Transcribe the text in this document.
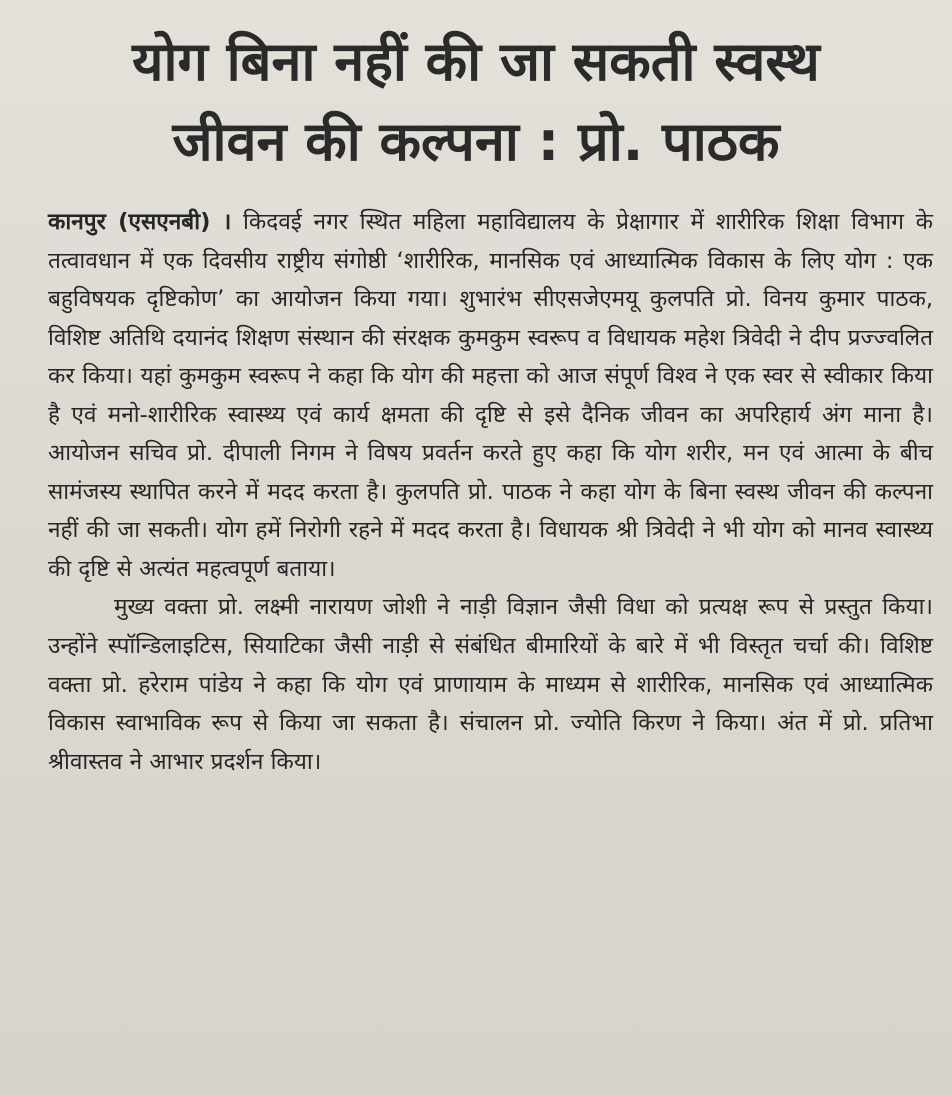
योग बिना नहीं की जा सकती स्वस्थ
जीवन की कल्पना : प्रो. पाठक

कानपुर (एसएनबी) । किदवई नगर स्थित महिला महाविद्यालय के प्रेक्षागार में शारीरिक शिक्षा विभाग के तत्वावधान में एक दिवसीय राष्ट्रीय संगोष्ठी ‘शारीरिक, मानसिक एवं आध्यात्मिक विकास के लिए योग : एक बहुविषयक दृष्टिकोण’ का आयोजन किया गया। शुभारंभ सीएसजेएमयू कुलपति प्रो. विनय कुमार पाठक, विशिष्ट अतिथि दयानंद शिक्षण संस्थान की संरक्षक कुमकुम स्वरूप व विधायक महेश त्रिवेदी ने दीप प्रज्ज्वलित कर किया। यहां कुमकुम स्वरूप ने कहा कि योग की महत्ता को आज संपूर्ण विश्व ने एक स्वर से स्वीकार किया है एवं मनो-शारीरिक स्वास्थ्य एवं कार्य क्षमता की दृष्टि से इसे दैनिक जीवन का अपरिहार्य अंग माना है। आयोजन सचिव प्रो. दीपाली निगम ने विषय प्रवर्तन करते हुए कहा कि योग शरीर, मन एवं आत्मा के बीच सामंजस्य स्थापित करने में मदद करता है। कुलपति प्रो. पाठक ने कहा योग के बिना स्वस्थ जीवन की कल्पना नहीं की जा सकती। योग हमें निरोगी रहने में मदद करता है। विधायक श्री त्रिवेदी ने भी योग को मानव स्वास्थ्य की दृष्टि से अत्यंत महत्वपूर्ण बताया।

मुख्य वक्ता प्रो. लक्ष्मी नारायण जोशी ने नाड़ी विज्ञान जैसी विधा को प्रत्यक्ष रूप से प्रस्तुत किया। उन्होंने स्पॉन्डिलाइटिस, सियाटिका जैसी नाड़ी से संबंधित बीमारियों के बारे में भी विस्तृत चर्चा की। विशिष्ट वक्ता प्रो. हरेराम पांडेय ने कहा कि योग एवं प्राणायाम के माध्यम से शारीरिक, मानसिक एवं आध्यात्मिक विकास स्वाभाविक रूप से किया जा सकता है। संचालन प्रो. ज्योति किरण ने किया। अंत में प्रो. प्रतिभा श्रीवास्तव ने आभार प्रदर्शन किया।
